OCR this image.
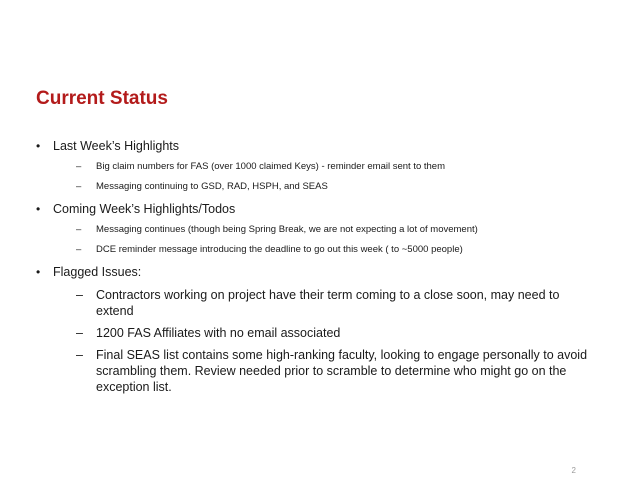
Current Status
• Last Week’s Highlights
– Big claim numbers for FAS (over 1000 claimed Keys) - reminder email sent to them
– Messaging continuing to GSD, RAD, HSPH, and SEAS
• Coming Week’s Highlights/Todos
– Messaging continues (though being Spring Break, we are not expecting a lot of movement)
– DCE reminder message introducing the deadline to go out this week ( to ~5000 people)
• Flagged Issues:
– Contractors working on project have their term coming to a close soon, may need to extend
– 1200 FAS Affiliates with no email associated
– Final SEAS list contains some high-ranking faculty, looking to engage personally to avoid scrambling them. Review needed prior to scramble to determine who might go on the exception list.
2
